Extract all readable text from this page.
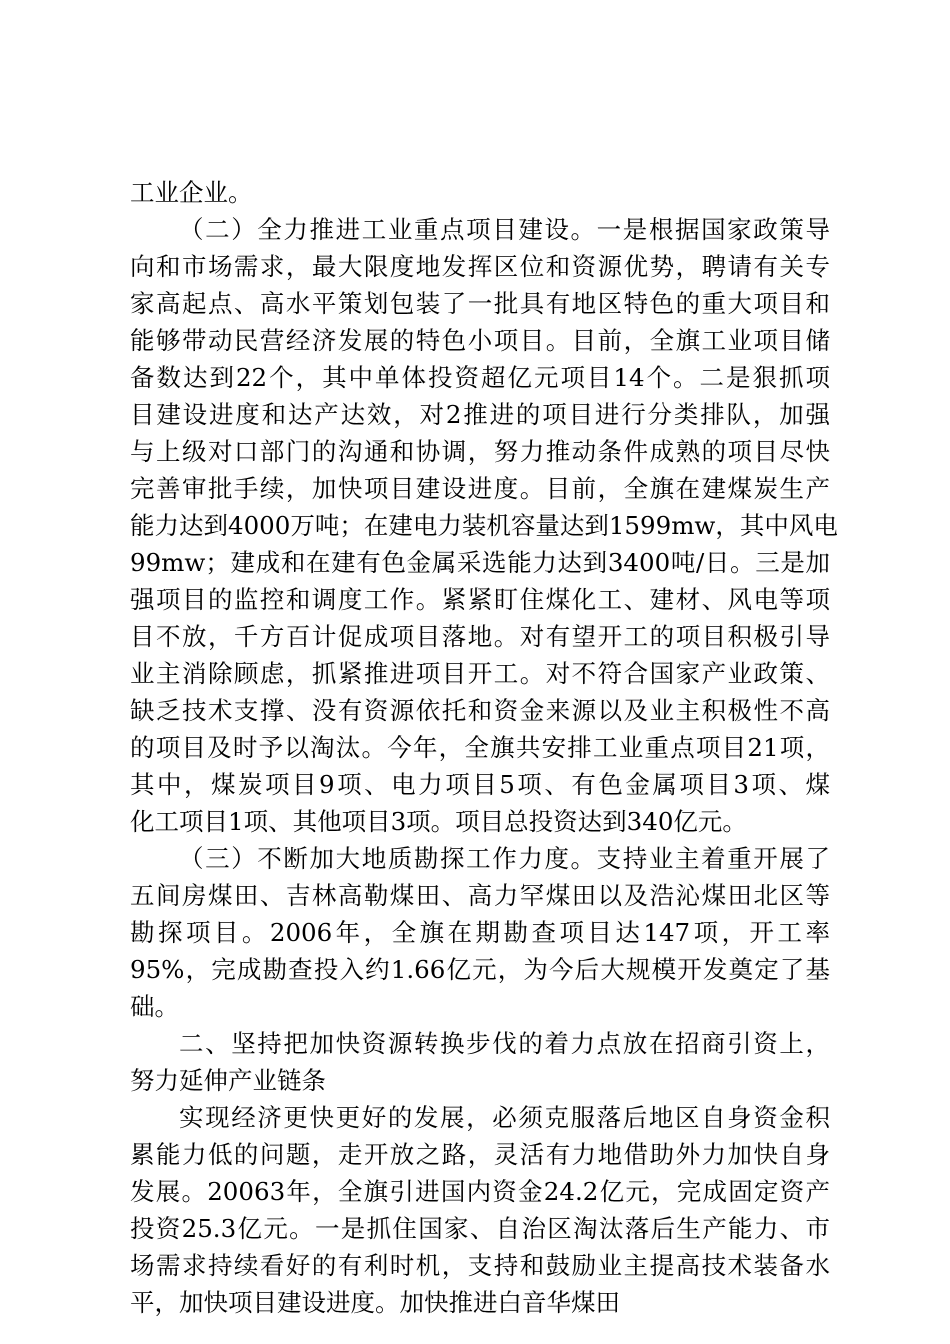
工业企业。
（二）全力推进工业重点项目建设。一是根据国家政策导
向和市场需求，最大限度地发挥区位和资源优势，聘请有关专
家高起点、高水平策划包装了一批具有地区特色的重大项目和
能够带动民营经济发展的特色小项目。目前，全旗工业项目储
备数达到22个，其中单体投资超亿元项目14个。二是狠抓项
目建设进度和达产达效，对2推进的项目进行分类排队，加强
与上级对口部门的沟通和协调，努力推动条件成熟的项目尽快
完善审批手续，加快项目建设进度。目前，全旗在建煤炭生产
能力达到4000万吨；在建电力装机容量达到1599mw，其中风电
99mw；建成和在建有色金属采选能力达到3400吨/日。三是加
强项目的监控和调度工作。紧紧盯住煤化工、建材、风电等项
目不放，千方百计促成项目落地。对有望开工的项目积极引导
业主消除顾虑，抓紧推进项目开工。对不符合国家产业政策、
缺乏技术支撑、没有资源依托和资金来源以及业主积极性不高
的项目及时予以淘汰。今年，全旗共安排工业重点项目21项，
其中，煤炭项目9项、电力项目5项、有色金属项目3项、煤
化工项目1项、其他项目3项。项目总投资达到340亿元。
（三）不断加大地质勘探工作力度。支持业主着重开展了
五间房煤田、吉林高勒煤田、高力罕煤田以及浩沁煤田北区等
勘探项目。2006年，全旗在期勘查项目达147项，开工率
95%，完成勘查投入约1.66亿元，为今后大规模开发奠定了基
础。
二、坚持把加快资源转换步伐的着力点放在招商引资上，
努力延伸产业链条
实现经济更快更好的发展，必须克服落后地区自身资金积
累能力低的问题，走开放之路，灵活有力地借助外力加快自身
发展。20063年，全旗引进国内资金24.2亿元，完成固定资产
投资25.3亿元。一是抓住国家、自治区淘汰落后生产能力、市
场需求持续看好的有利时机，支持和鼓励业主提高技术装备水
平，加快项目建设进度。加快推进白音华煤田
